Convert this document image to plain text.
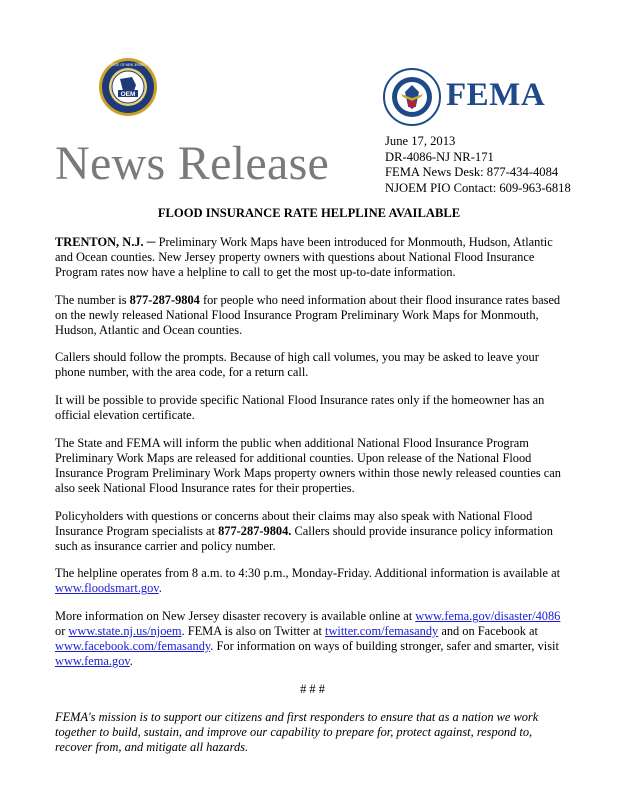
OEM
STATE OF NEW JERSEY
FEMA
News Release	June 17, 2013
DR-4086-NJ NR-171
FEMA News Desk: 877-434-4084
NJOEM PIO Contact: 609-963-6818
FLOOD INSURANCE RATE HELPLINE AVAILABLE

TRENTON, N.J. ─ Preliminary Work Maps have been introduced for Monmouth, Hudson, Atlantic and Ocean counties. New Jersey property owners with questions about National Flood Insurance Program rates now have a helpline to call to get the most up-to-date information.

The number is 877-287-9804 for people who need information about their flood insurance rates based on the newly released National Flood Insurance Program Preliminary Work Maps for Monmouth, Hudson, Atlantic and Ocean counties.

Callers should follow the prompts. Because of high call volumes, you may be asked to leave your phone number, with the area code, for a return call.

It will be possible to provide specific National Flood Insurance rates only if the homeowner has an official elevation certificate.

The State and FEMA will inform the public when additional National Flood Insurance Program Preliminary Work Maps are released for additional counties. Upon release of the National Flood Insurance Program Preliminary Work Maps property owners within those newly released counties can also seek National Flood Insurance rates for their properties.

Policyholders with questions or concerns about their claims may also speak with National Flood Insurance Program specialists at 877-287-9804. Callers should provide insurance policy information such as insurance carrier and policy number.

The helpline operates from 8 a.m. to 4:30 p.m., Monday-Friday. Additional information is available at www.floodsmart.gov.

More information on New Jersey disaster recovery is available online at www.fema.gov/disaster/4086 or www.state.nj.us/njoem. FEMA is also on Twitter at twitter.com/femasandy and on Facebook at www.facebook.com/femasandy. For information on ways of building stronger, safer and smarter, visit www.fema.gov.

# # #

FEMA's mission is to support our citizens and first responders to ensure that as a nation we work together to build, sustain, and improve our capability to prepare for, protect against, respond to, recover from, and mitigate all hazards.
